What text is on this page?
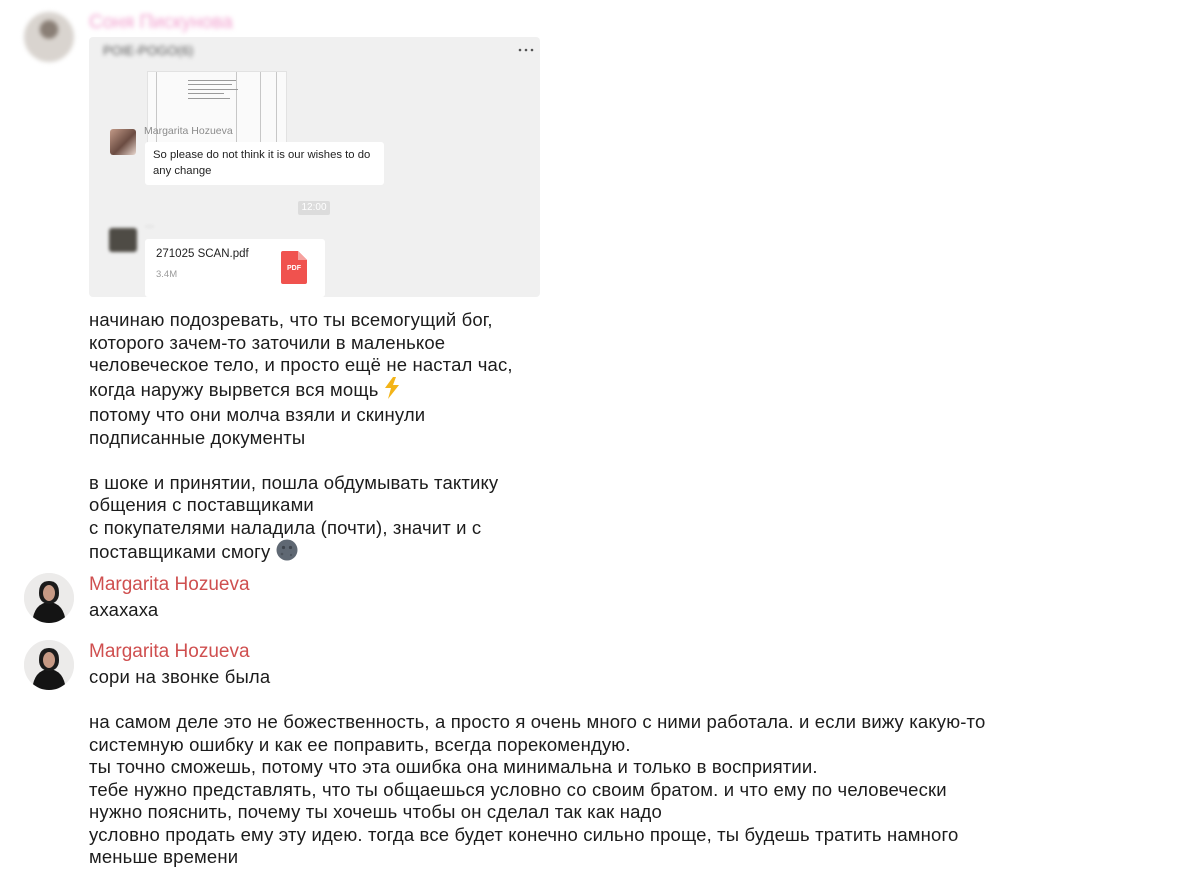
Соня Пискунова
POIE-POGO(6)
Margarita Hozueva
So please do not think it is our wishes to do any change
12:00
···
271025 SCAN.pdf
3.4M
PDF
начинаю подозревать, что ты всемогущий бог,
которого зачем-то заточили в маленькое
человеческое тело, и просто ещё не настал час,
когда наружу вырвется вся мощь
потому что они молча взяли и скинули
подписанные документы
в шоке и принятии, пошла обдумывать тактику
общения с поставщиками
с покупателями наладила (почти), значит и с
поставщиками смогу
Margarita Hozueva
ахахаха
Margarita Hozueva
сори на звонке была
на самом деле это не божественность, а просто я очень много с ними работала. и если вижу какую-то
системную ошибку и как ее поправить, всегда порекомендую.
ты точно сможешь, потому что эта ошибка она минимальна и только в восприятии.
тебе нужно представлять, что ты общаешься условно со своим братом. и что ему по человечески
нужно пояснить, почему ты хочешь чтобы он сделал так как надо
условно продать ему эту идею. тогда все будет конечно сильно проще, ты будешь тратить намного
меньше времени
